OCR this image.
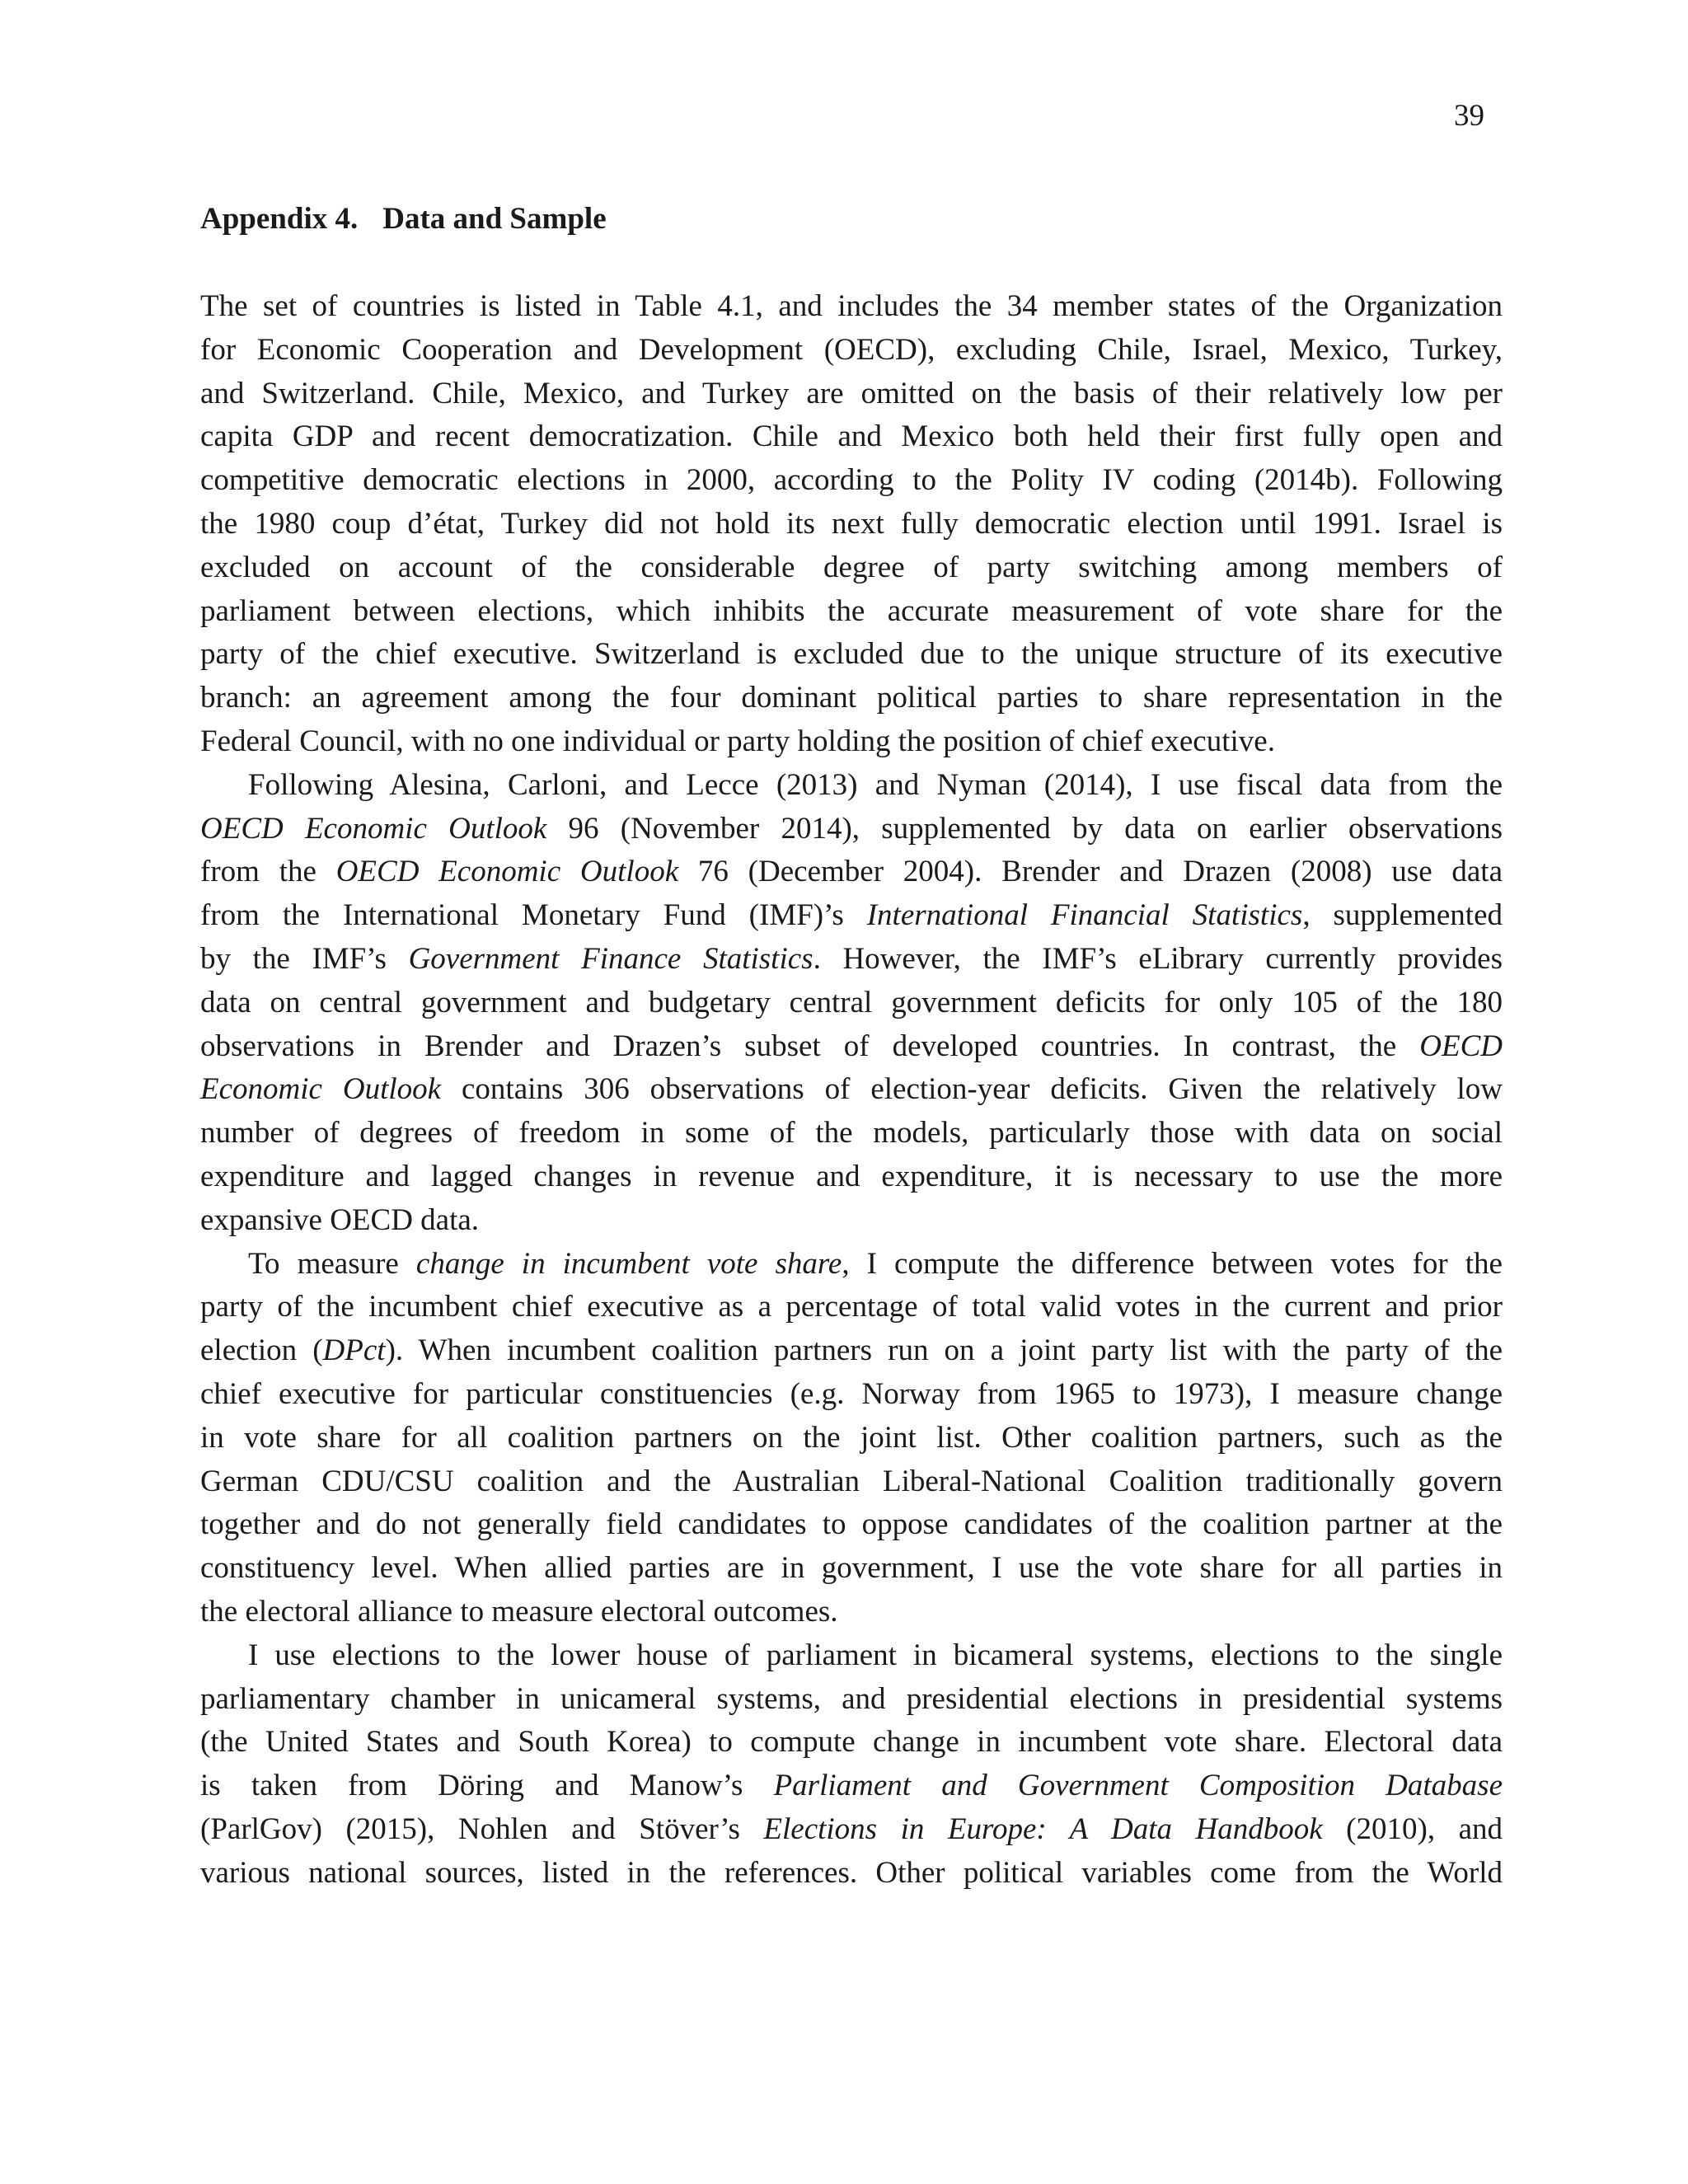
39
Appendix 4. Data and Sample
The set of countries is listed in Table 4.1, and includes the 34 member states of the Organization
for Economic Cooperation and Development (OECD), excluding Chile, Israel, Mexico, Turkey,
and Switzerland. Chile, Mexico, and Turkey are omitted on the basis of their relatively low per
capita GDP and recent democratization. Chile and Mexico both held their first fully open and
competitive democratic elections in 2000, according to the Polity IV coding (2014b). Following
the 1980 coup d’état, Turkey did not hold its next fully democratic election until 1991. Israel is
excluded on account of the considerable degree of party switching among members of
parliament between elections, which inhibits the accurate measurement of vote share for the
party of the chief executive. Switzerland is excluded due to the unique structure of its executive
branch: an agreement among the four dominant political parties to share representation in the
Federal Council, with no one individual or party holding the position of chief executive.
Following Alesina, Carloni, and Lecce (2013) and Nyman (2014), I use fiscal data from the
OECD Economic Outlook 96 (November 2014), supplemented by data on earlier observations
from the OECD Economic Outlook 76 (December 2004). Brender and Drazen (2008) use data
from the International Monetary Fund (IMF)’s International Financial Statistics, supplemented
by the IMF’s Government Finance Statistics. However, the IMF’s eLibrary currently provides
data on central government and budgetary central government deficits for only 105 of the 180
observations in Brender and Drazen’s subset of developed countries. In contrast, the OECD
Economic Outlook contains 306 observations of election-year deficits. Given the relatively low
number of degrees of freedom in some of the models, particularly those with data on social
expenditure and lagged changes in revenue and expenditure, it is necessary to use the more
expansive OECD data.
To measure change in incumbent vote share, I compute the difference between votes for the
party of the incumbent chief executive as a percentage of total valid votes in the current and prior
election (DPct). When incumbent coalition partners run on a joint party list with the party of the
chief executive for particular constituencies (e.g. Norway from 1965 to 1973), I measure change
in vote share for all coalition partners on the joint list. Other coalition partners, such as the
German CDU/CSU coalition and the Australian Liberal-National Coalition traditionally govern
together and do not generally field candidates to oppose candidates of the coalition partner at the
constituency level. When allied parties are in government, I use the vote share for all parties in
the electoral alliance to measure electoral outcomes.
I use elections to the lower house of parliament in bicameral systems, elections to the single
parliamentary chamber in unicameral systems, and presidential elections in presidential systems
(the United States and South Korea) to compute change in incumbent vote share. Electoral data
is taken from Döring and Manow’s Parliament and Government Composition Database
(ParlGov) (2015), Nohlen and Stöver’s Elections in Europe: A Data Handbook (2010), and
various national sources, listed in the references. Other political variables come from the World
